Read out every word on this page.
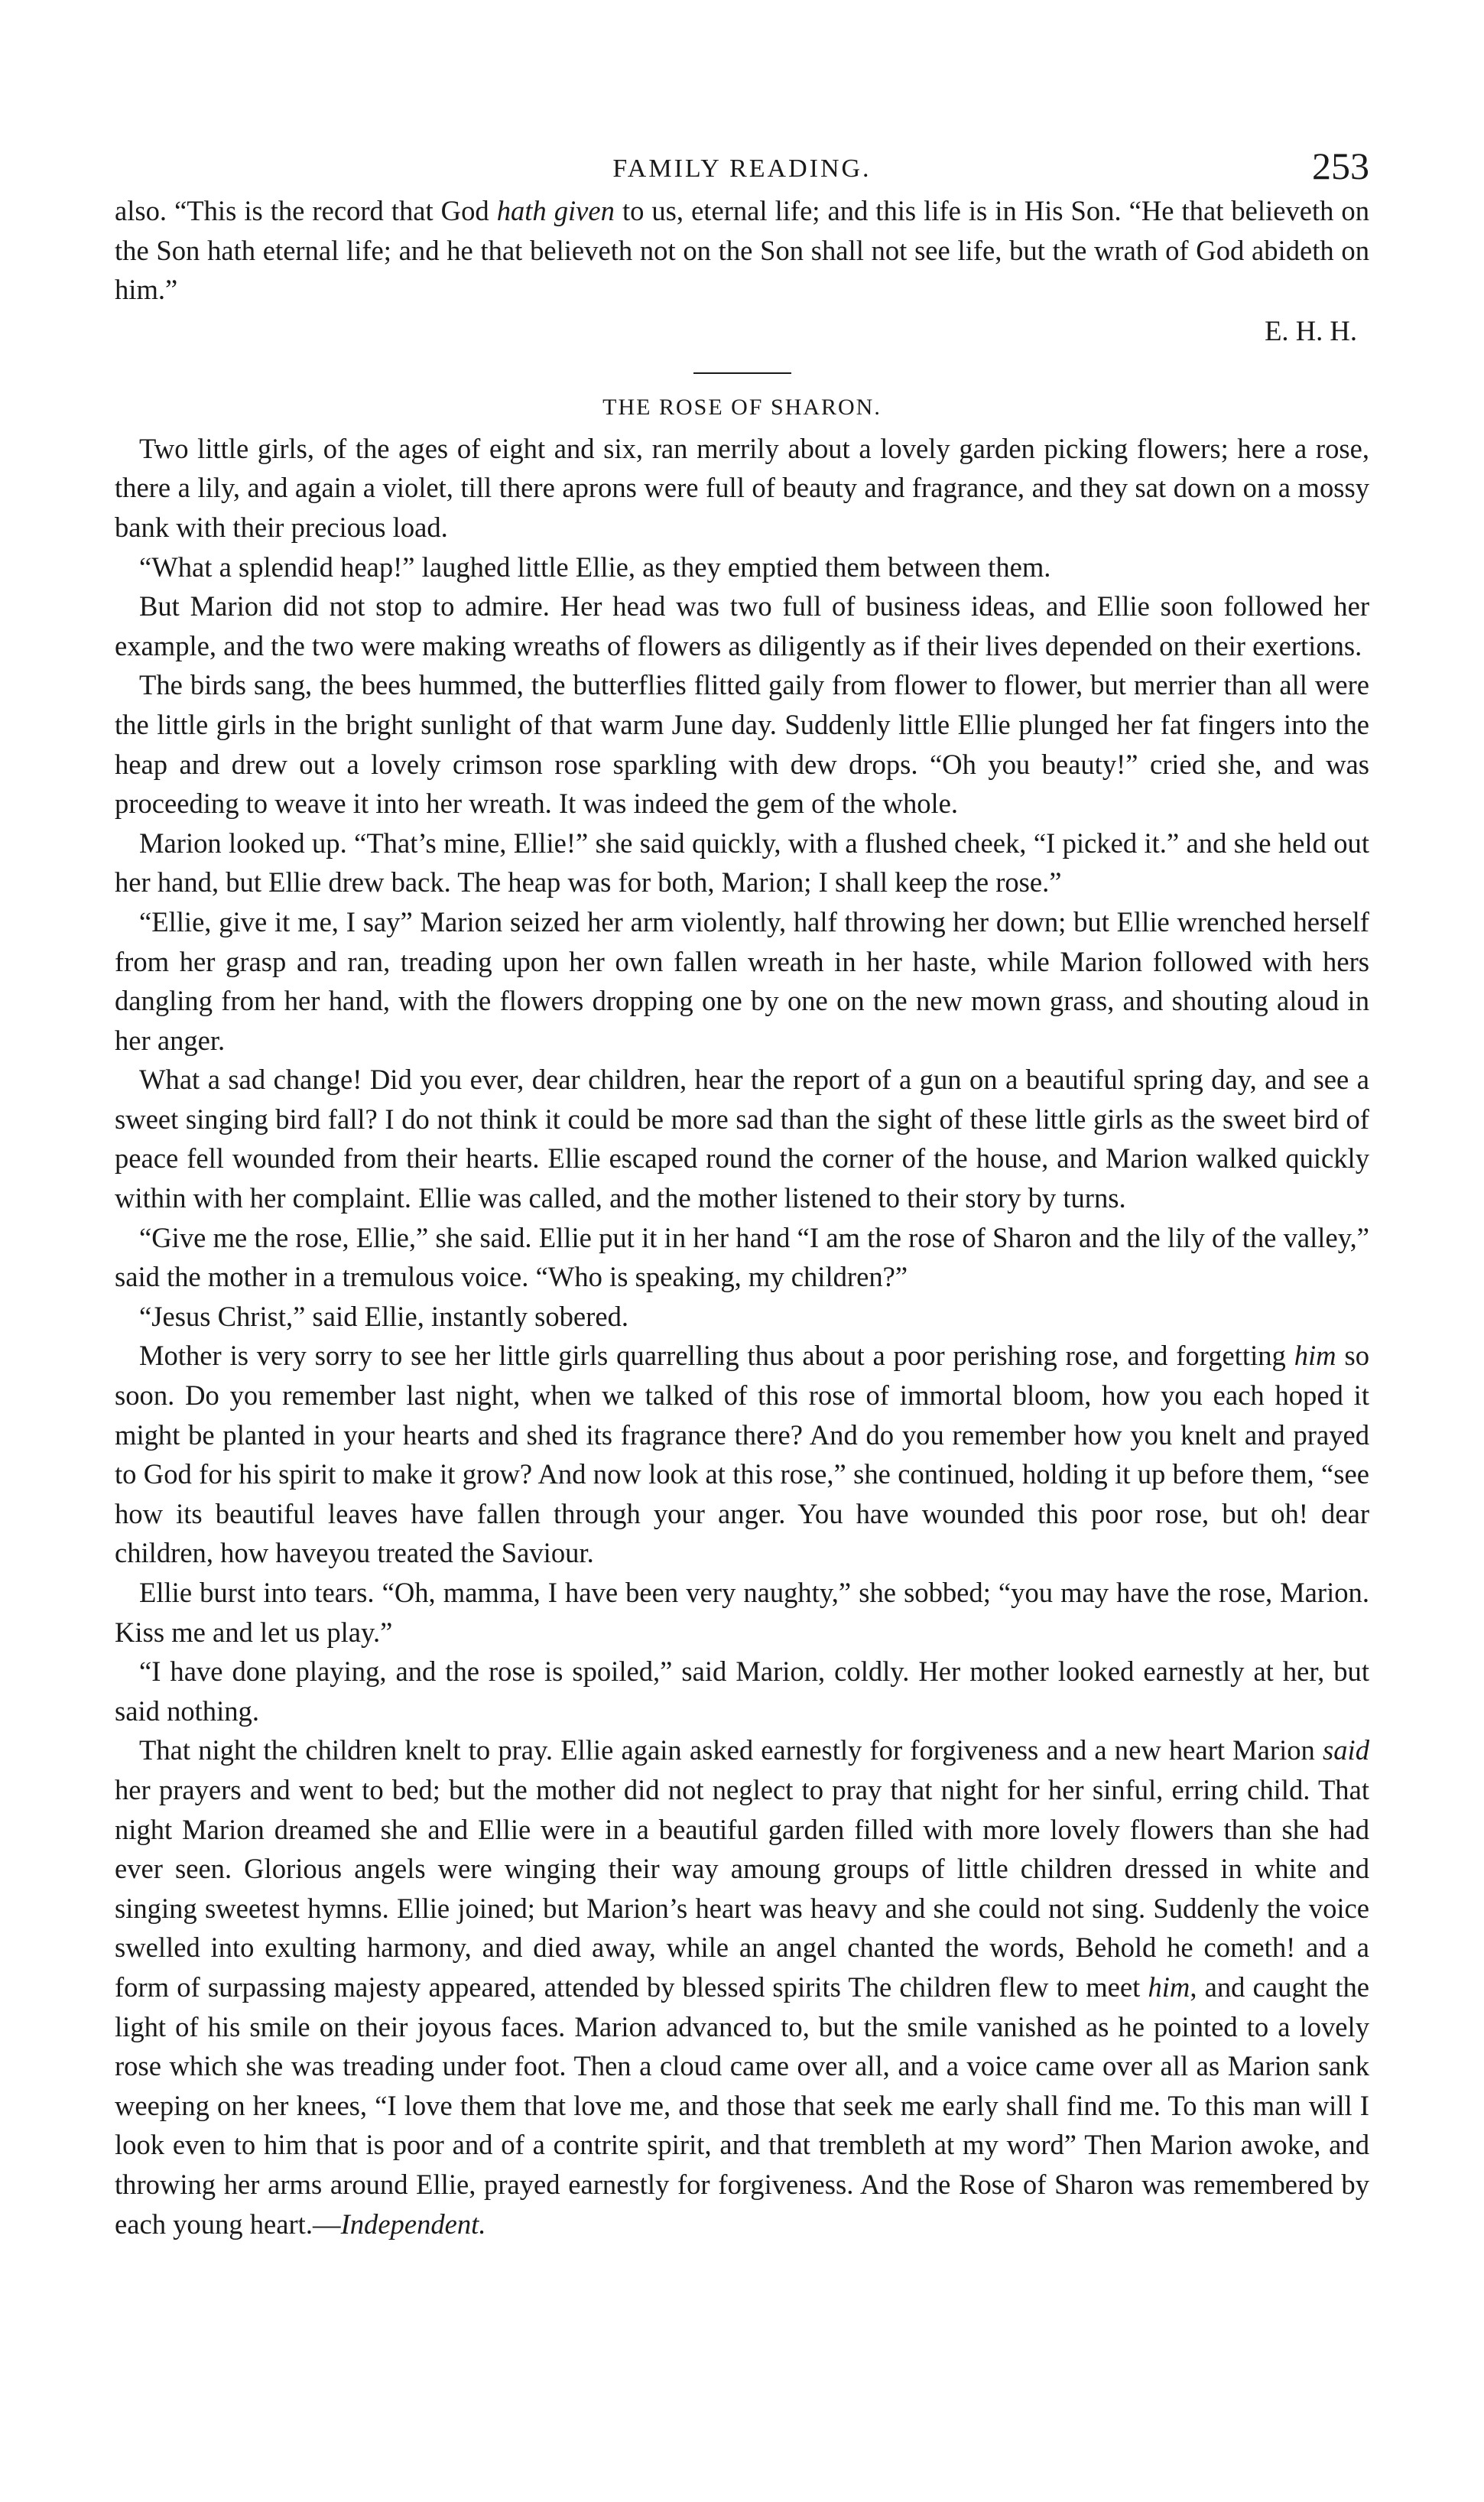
FAMILY READING.	253

also. “This is the record that God hath given to us, eternal life; and this life is in His Son. “He that believeth on the Son hath eternal life; and he that believeth not on the Son shall not see life, but the wrath of God abideth on him.”

E. H. H.
THE ROSE OF SHARON.

Two little girls, of the ages of eight and six, ran merrily about a lovely garden picking flowers; here a rose, there a lily, and again a violet, till there aprons were full of beauty and fragrance, and they sat down on a mossy bank with their precious load.

“What a splendid heap!” laughed little Ellie, as they emptied them between them.

But Marion did not stop to admire. Her head was two full of business ideas, and Ellie soon followed her example, and the two were making wreaths of flowers as diligently as if their lives depended on their exertions.

The birds sang, the bees hummed, the butterflies flitted gaily from flower to flower, but merrier than all were the little girls in the bright sunlight of that warm June day. Suddenly little Ellie plunged her fat fingers into the heap and drew out a lovely crimson rose sparkling with dew drops. “Oh you beauty!” cried she, and was proceeding to weave it into her wreath. It was indeed the gem of the whole.

Marion looked up. “That’s mine, Ellie!” she said quickly, with a flushed cheek, “I picked it.” and she held out her hand, but Ellie drew back. The heap was for both, Marion; I shall keep the rose.”

“Ellie, give it me, I say” Marion seized her arm violently, half throwing her down; but Ellie wrenched herself from her grasp and ran, treading upon her own fallen wreath in her haste, while Marion followed with hers dangling from her hand, with the flowers dropping one by one on the new mown grass, and shouting aloud in her anger.

What a sad change! Did you ever, dear children, hear the report of a gun on a beautiful spring day, and see a sweet singing bird fall? I do not think it could be more sad than the sight of these little girls as the sweet bird of peace fell wounded from their hearts. Ellie escaped round the corner of the house, and Marion walked quickly within with her complaint. Ellie was called, and the mother listened to their story by turns.

“Give me the rose, Ellie,” she said. Ellie put it in her hand “I am the rose of Sharon and the lily of the valley,” said the mother in a tremulous voice. “Who is speaking, my children?”

“Jesus Christ,” said Ellie, instantly sobered.

Mother is very sorry to see her little girls quarrelling thus about a poor perishing rose, and forgetting him so soon. Do you remember last night, when we talked of this rose of immortal bloom, how you each hoped it might be planted in your hearts and shed its fragrance there? And do you remember how you knelt and prayed to God for his spirit to make it grow? And now look at this rose,” she continued, holding it up before them, “see how its beautiful leaves have fallen through your anger. You have wounded this poor rose, but oh! dear children, how haveyou treated the Saviour.

Ellie burst into tears. “Oh, mamma, I have been very naughty,” she sobbed; “you may have the rose, Marion. Kiss me and let us play.”

“I have done playing, and the rose is spoiled,” said Marion, coldly. Her mother looked earnestly at her, but said nothing.

That night the children knelt to pray. Ellie again asked earnestly for forgiveness and a new heart Marion said her prayers and went to bed; but the mother did not neglect to pray that night for her sinful, erring child. That night Marion dreamed she and Ellie were in a beautiful garden filled with more lovely flowers than she had ever seen. Glorious angels were winging their way amoung groups of little children dressed in white and singing sweetest hymns. Ellie joined; but Marion’s heart was heavy and she could not sing. Suddenly the voice swelled into exulting harmony, and died away, while an angel chanted the words, Behold he cometh! and a form of surpassing majesty appeared, attended by blessed spirits The children flew to meet him, and caught the light of his smile on their joyous faces. Marion advanced to, but the smile vanished as he pointed to a lovely rose which she was treading under foot. Then a cloud came over all, and a voice came over all as Marion sank weeping on her knees, “I love them that love me, and those that seek me early shall find me. To this man will I look even to him that is poor and of a contrite spirit, and that trembleth at my word” Then Marion awoke, and throwing her arms around Ellie, prayed earnestly for forgiveness. And the Rose of Sharon was remembered by each young heart.—Independent.
